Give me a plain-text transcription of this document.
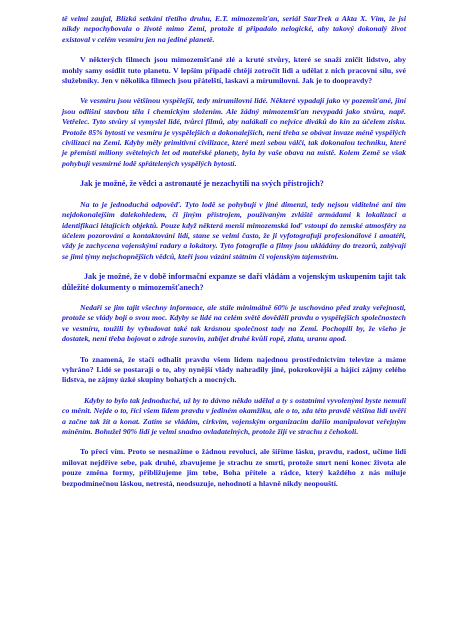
tě velmi zaujal, Blízká setkání třetího druhu, E.T. mimozemšťan, seriál StarTrek a Akta X. Vím, že jsi nikdy nepochybovala o životě mimo Zemi, protože ti připadalo nelogické, aby takový dokonalý život existoval v celém vesmíru jen na jediné planetě.
V některých filmech jsou mimozemšťané zlé a kruté stvůry, které se snaží zničit lidstvo, aby mohly samy osídlit tuto planetu. V lepším případě chtějí zotročit lidi a udělat z nich pracovní sílu, své služebníky. Jen v několika filmech jsou přátelští, laskaví a mírumilovní. Jak je to doopravdy?
Ve vesmíru jsou většinou vyspělejší, tedy mírumilovní lidé. Některé vypadají jako vy pozemšťané, jiní jsou odlišní stavbou těla i chemickým složením. Ale žádný mimozemšťan nevypadá jako stvůra, např. Vetřelec. Tyto stvůry si vymyslel lidé, tvůrci filmů, aby nalákali co nejvíce diváků do kin za účelem zisku. Protože 85% bytostí ve vesmíru je vyspělejších a dokonalejších, není třeba se obávat invaze méně vyspělých civilizací na Zemi. Kdyby měly primitivní civilizace, které mezi sebou válčí, tak dokonalou techniku, které je přemístí miliony světelných let od mateřské planety, byla by vaše obava na místě. Kolem Země se však pohybují vesmírné lodě spřátelených vyspělých bytostí.
Jak je možné, že vědci a astronauté je nezachytili na svých přístrojích?
Na to je jednoduchá odpověď. Tyto lodě se pohybují v jiné dimenzi, tedy nejsou viditelné ani tím nejdokonalejším dalekohledem, či jiným přístrojem, používaným zvláště armádami k lokalizaci a identifikaci létajících objektů. Pouze když některá menší mimozemská loď vstoupí do zemské atmosféry za účelem pozorování a kontaktování lidí, stane se velmi často, že ji vyfotografují profesionálové i amatéři, vždy je zachycena vojenskými radary a lokátory. Tyto fotografie a filmy jsou ukládány do trezorů, zabývají se jimi týmy nejschopnějších vědců, kteří jsou vázáni státním či vojenským tajemstvím.
Jak je možné, že v době informační expanze se daří vládám a vojenským uskupením tajit tak důležité dokumenty o mimozemšťanech?
Nedaří se jim tajit všechny informace, ale stále minimálně 60% je uschováno před zraky veřejnosti, protože se vlády bojí o svou moc. Kdyby se lidé na celém světě dověděli pravdu o vyspělejších společnostech ve vesmíru, toužili by vybudovat také tak krásnou společnost tady na Zemi. Pochopili by, že všeho je dostatek, není třeba bojovat o zdroje surovin, zabíjet druhé kvůli ropě, zlatu, uranu apod.
To znamená, že stačí odhalit pravdu všem lidem najednou prostřednictvím televize a máme vyhráno? Lidé se postarají o to, aby nynější vlády nahradily jiné, pokrokovější a hájící zájmy celého lidstva, ne zájmy úzké skupiny bohatých a mocných.
Kdyby to bylo tak jednoduché, už by to dávno někdo udělal a ty s ostatními vyvolenými byste nemuli co měnit. Nejde o to, říci všem lidem pravdu v jediném okamžiku, ale o to, zda této pravdě většina lidí uvěří a začne tak žít a konat. Zatím se vládám, církvím, vojenským organizacím daříio manipulovat veřejným míněním. Bohužel 90% lidí je velmi snadno ovladatelných, protože žijí ve strachu z čehokoli.
To přeci vím. Proto se nesnažíme o žádnou revoluci, ale šíříme lásku, pravdu, radost, učíme lidi milovat nejdříve sebe, pak druhé, zbavujeme je strachu ze smrti, protože smrt není konec života ale pouze změna formy, přibližujeme jim tebe, Boha přítele a rádce, který každého z nás miluje bezpodmínečnou láskou, netrestá, neodsuzuje, nehodnotí a hlavně nikdy neopouští.
